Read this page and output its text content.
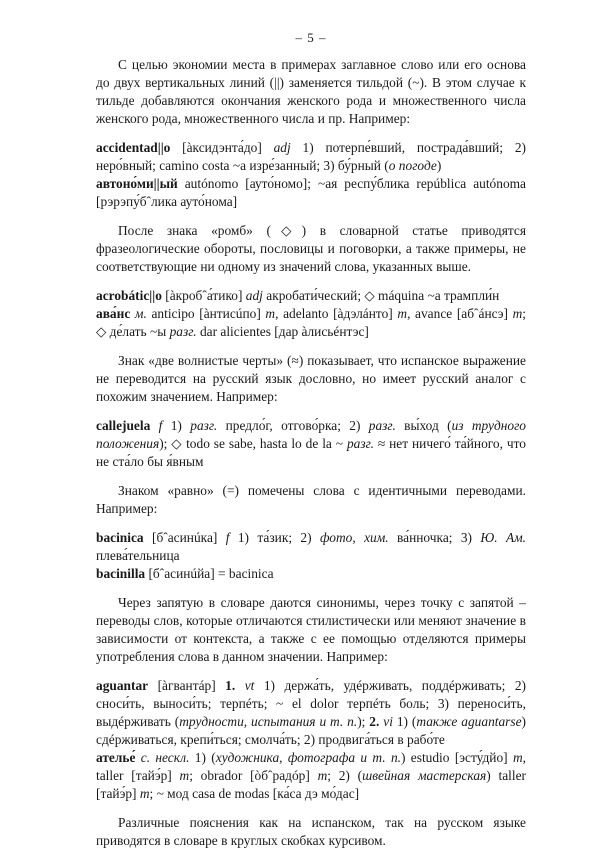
– 5 –

С целью экономии места в примерах заглавное слово или его основа до двух вертикальных линий (||) заменяется тильдой (~). В этом случае к тильде добавляются окончания женского рода и множественного числа женского рода, множественного числа и пр. Например:

accidentad||o [àксидэнта́до] adj 1) потерпе́вший, пострада́вший; 2) неро́вный; camino costa ~a изре́занный; 3) бу́рный (о погоде)

автоно́ми||ый autónomo [ауто́номо]; ~ая респу́блика república autónoma [рэрэпу́бˆлика ауто́нома]

После знака «ромб» (◇) в словарной статье приводятся фразеологические обороты, пословицы и поговорки, а также примеры, не соответствующие ни одному из значений слова, указанных выше.

acrobátic||o [àкробˆа́тико] adj акробати́ческий; ◇ máquina ~a трампли́н

ава́нс м. anticipo [àнтисúпо] m, adelanto [àдэлáнто] m, avance [абˆáнсэ] m; ◇ де́лать ~ы разг. dar alicientes [дар àлисьéнтэс]

Знак «две волнистые черты» (≈) показывает, что испанское выражение не переводится на русский язык дословно, но имеет русский аналог с похожим значением. Например:

callejuela f 1) разг. предло́г, отгово́рка; 2) разг. вы́ход (из трудного положения); ◇ todo se sabe, hasta lo de la ~ разг. ≈ нет ничего́ та́йного, что не ста́ло бы я́вным

Знаком «равно» (=) помечены слова с идентичными переводами. Например:

bacinica [бˆасинúка] f 1) та́зик; 2) фото, хим. ва́нночка; 3) Ю. Ам. плева́тельница

bacinilla [бˆасинúйа] = bacinica

Через запятую в словаре даются синонимы, через точку с запятой – переводы слов, которые отличаются стилистически или меняют значение в зависимости от контекста, а также с ее помощью отделяются примеры употребления слова в данном значении. Например:

aguantar [àгвантáр] 1. vt 1) держа́ть, удéрживать, поддéрживать; 2) сноси́ть, выноси́ть; терпéть; ~ el dolor терпéть боль; 3) переноси́ть, выдéрживать (трудности, испытания и т. п.); 2. vi 1) (также aguantarse) сдéрживаться, крепи́ться; смолча́ть; 2) продвига́ться в рабо́те

ателье́ с. нескл. 1) (художника, фотографа и т. п.) estudio [эсту́дйо] m, taller [тайэ́р] m; obrador [òбˆрадóр] m; 2) (швейная мастерская) taller [тайэ́р] m; ~ мод casa de modas [ка́са дэ мо́дас]

Различные пояснения как на испанском, так на русском языке приводятся в словаре в круглых скобках курсивом.
